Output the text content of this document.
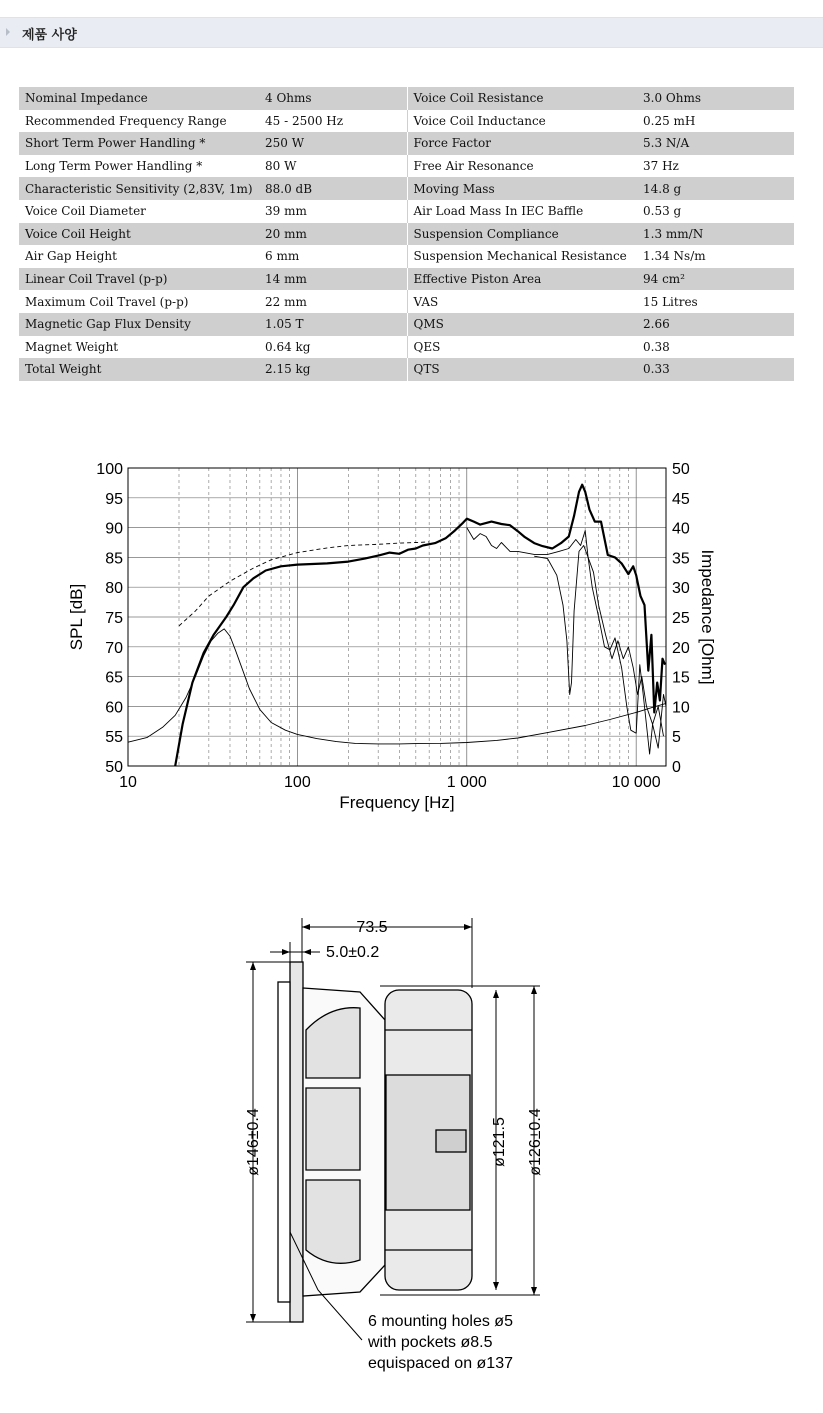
제품 사양
Nominal Impedance	4 Ohms	Voice Coil Resistance	3.0 Ohms
Recommended Frequency Range	45 - 2500 Hz	Voice Coil Inductance	0.25 mH
Short Term Power Handling *	250 W	Force Factor	5.3 N/A
Long Term Power Handling *	80 W	Free Air Resonance	37 Hz
Characteristic Sensitivity (2,83V, 1m)	88.0 dB	Moving Mass	14.8 g
Voice Coil Diameter	39 mm	Air Load Mass In IEC Baffle	0.53 g
Voice Coil Height	20 mm	Suspension Compliance	1.3 mm/N
Air Gap Height	6 mm	Suspension Mechanical Resistance	1.34 Ns/m
Linear Coil Travel (p-p)	14 mm	Effective Piston Area	94 cm²
Maximum Coil Travel (p-p)	22 mm	VAS	15 Litres
Magnetic Gap Flux Density	1.05 T	QMS	2.66
Magnet Weight	0.64 kg	QES	0.38
Total Weight	2.15 kg	QTS	0.33
50
55
60
65
70
75
80
85
90
95
100
0
5
10
15
20
25
30
35
40
45
50
10	100	1 000	10 000
Frequency [Hz]
SPL [dB]	Impedance [Ohm]
73.5
5.0±0.2
ø146±0.4	ø121.5 ø126±0.4
6 mounting holes ø5
with pockets ø8.5
equispaced on ø137
